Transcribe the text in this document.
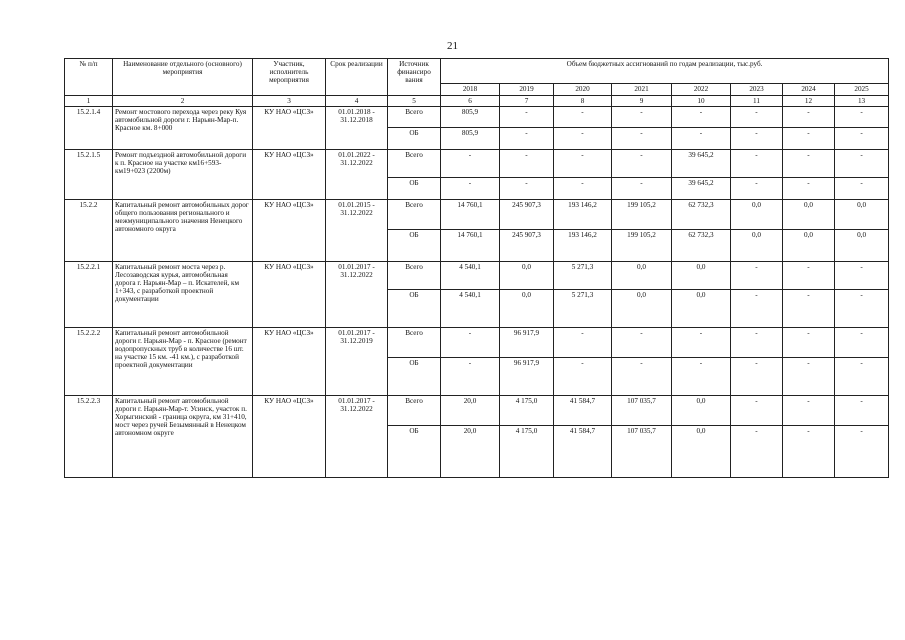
21
№ п/п	Наименование отдельного (основного) мероприятия	Участник, исполнитель мероприятия	Срок реализации	Источник финансиро вания	Объем бюджетных ассигнований по годам реализации, тыс.руб.							
					2018	2019	2020	2021	2022	2023	2024	2025
1	2	3	4	5	6	7	8	9	10	11	12	13
15.2.1.4	Ремонт мостового перехода через реку Куя автомобильной дороги г. Нарьян-Мар-п. Красное км. 8+000	КУ НАО «ЦСЗ»	01.01.2018 - 31.12.2018	Всего	805,9	-	-	-	-	-	-	-
				ОБ	805,9	-	-	-	-	-	-	-
15.2.1.5	Ремонт подъездной автомобильной дороги к п. Красное на участке км16+593-км19+023 (2200м)	КУ НАО «ЦСЗ»	01.01.2022 - 31.12.2022	Всего	-	-	-	-	39 645,2	-	-	-
				ОБ	-	-	-	-	39 645,2	-	-	-
15.2.2	Капитальный ремонт автомобильных дорог общего пользования регионального и межмуниципального значения Ненецкого автономного округа	КУ НАО «ЦСЗ»	01.01.2015 - 31.12.2022	Всего	14 760,1	245 907,3	193 146,2	199 105,2	62 732,3	0,0	0,0	0,0
				ОБ	14 760,1	245 907,3	193 146,2	199 105,2	62 732,3	0,0	0,0	0,0
15.2.2.1	Капитальный ремонт моста через р. Лесозаводская курья, автомобильная дорога г. Нарьян-Мар – п. Искателей, км 1+343, с разработкой проектной документации	КУ НАО «ЦСЗ»	01.01.2017 - 31.12.2022	Всего	4 540,1	0,0	5 271,3	0,0	0,0	-	-	-
				ОБ	4 540,1	0,0	5 271,3	0,0	0,0	-	-	-
15.2.2.2	Капитальный ремонт автомобильной дороги г. Нарьян-Мар - п. Красное (ремонт водопропускных труб в количестве 16 шт. на участке 15 км. -41 км.), с разработкой проектной документации	КУ НАО «ЦСЗ»	01.01.2017 - 31.12.2019	Всего	-	96 917,9	-	-	-	-	-	-
				ОБ	-	96 917,9	-	-	-	-	-	-
15.2.2.3	Капитальный ремонт автомобильной дороги г. Нарьян-Мар-т. Усинск, участок п. Хорыгинский - граница округа, км 31+410, мост через ручей Безымянный в Ненецком автономном округе	КУ НАО «ЦСЗ»	01.01.2017 - 31.12.2022	Всего	20,0	4 175,0	41 584,7	107 035,7	0,0	-	-	-
				ОБ	20,0	4 175,0	41 584,7	107 035,7	0,0	-	-	-
